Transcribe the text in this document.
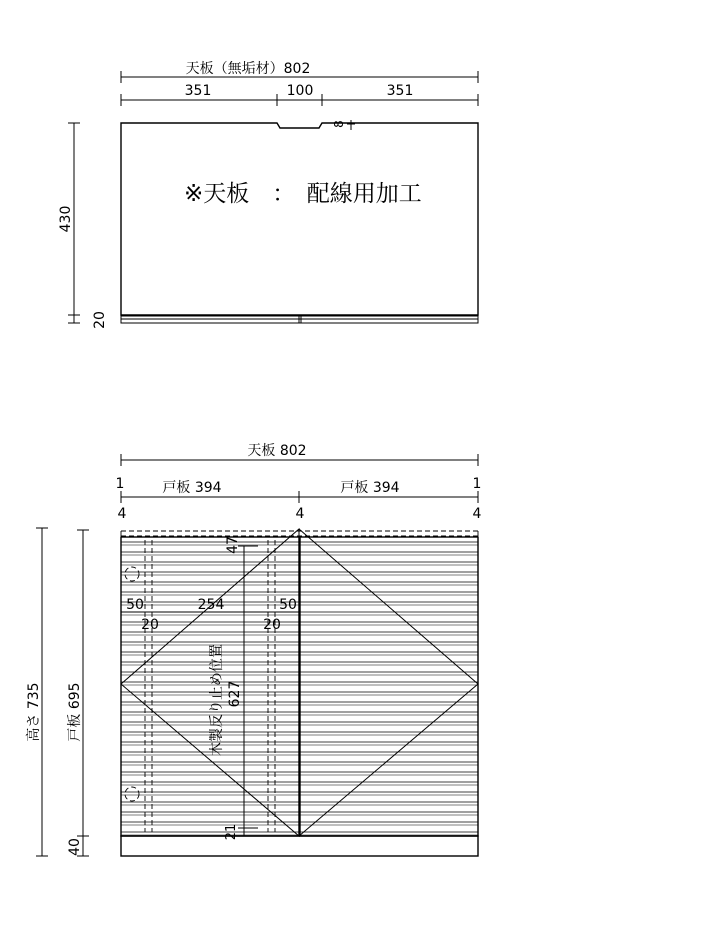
天板（無垢材）802
351	100	351
8
※天板　：　配線用加工
430
20
天板 802
1	1
戸板 394	戸板 394
4	4	4
50	254	50
20	20
47
木製反り止め位置 627
21
高さ 735 戸板 695
40
